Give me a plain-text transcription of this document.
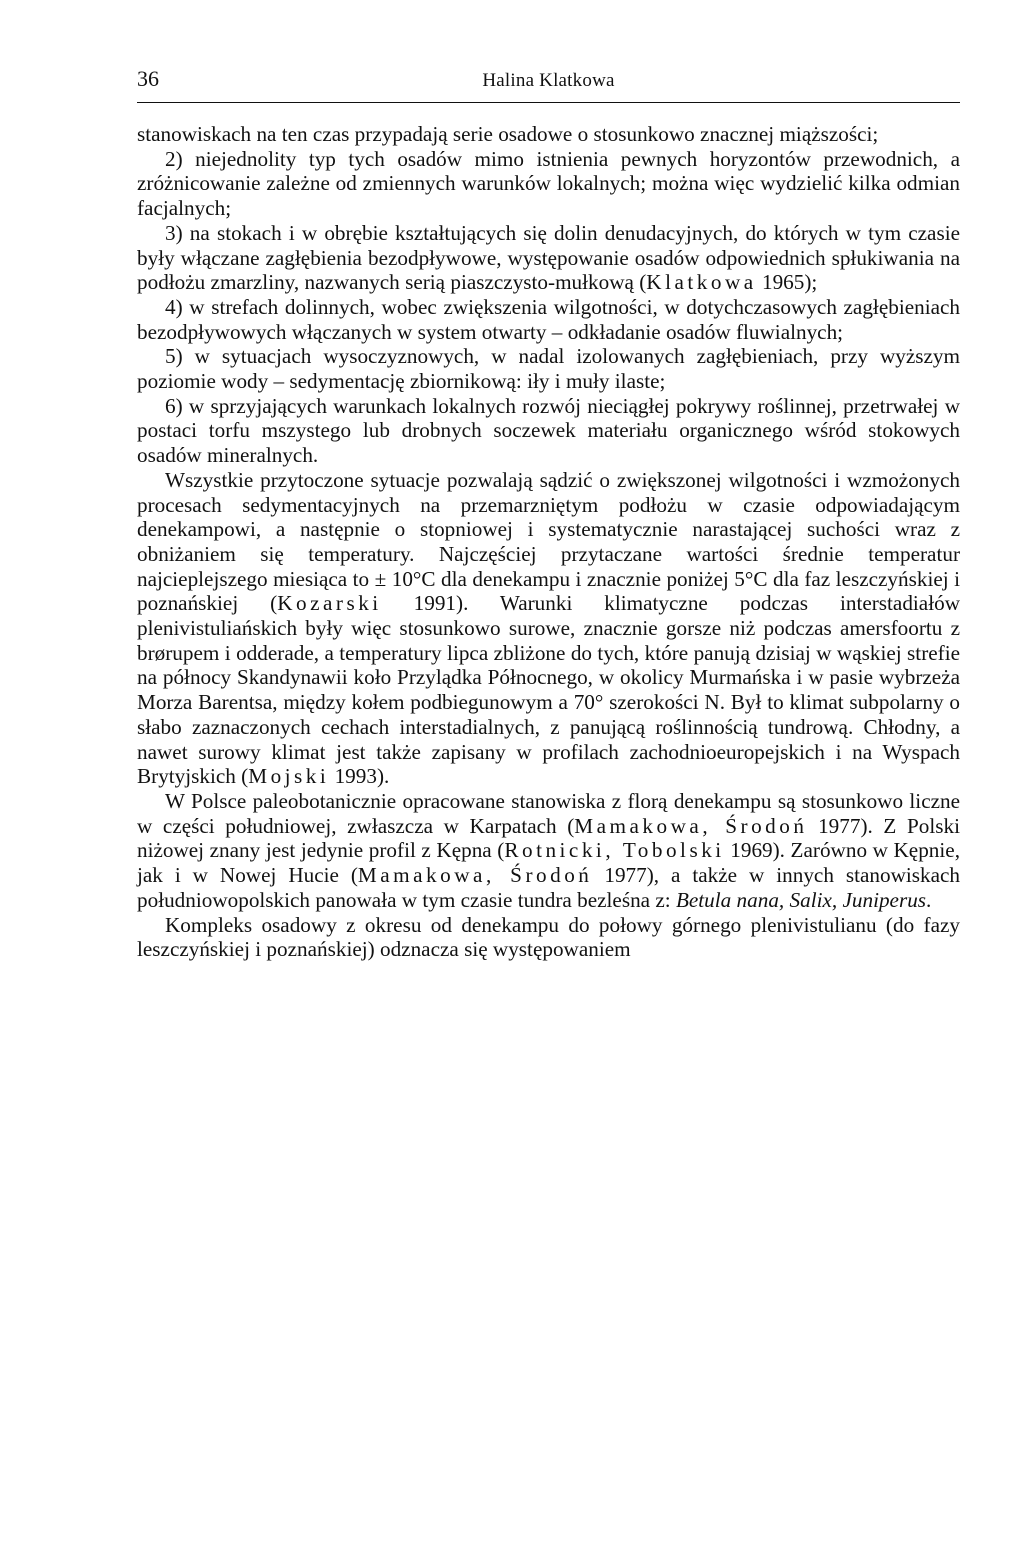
36	Halina Klatkowa

stanowiskach na ten czas przypadają serie osadowe o stosunkowo znacznej miąższości;

2) niejednolity typ tych osadów mimo istnienia pewnych horyzontów przewodnich, a zróżnicowanie zależne od zmiennych warunków lokalnych; można więc wydzielić kilka odmian facjalnych;

3) na stokach i w obrębie kształtujących się dolin denudacyjnych, do których w tym czasie były włączane zagłębienia bezodpływowe, występowanie osadów odpowiednich spłukiwania na podłożu zmarzliny, nazwanych serią piaszczysto-mułkową (Klatkowa 1965);

4) w strefach dolinnych, wobec zwiększenia wilgotności, w dotychczasowych zagłębieniach bezodpływowych włączanych w system otwarty – odkładanie osadów fluwialnych;

5) w sytuacjach wysoczyznowych, w nadal izolowanych zagłębieniach, przy wyższym poziomie wody – sedymentację zbiornikową: iły i muły ilaste;

6) w sprzyjających warunkach lokalnych rozwój nieciągłej pokrywy roślinnej, przetrwałej w postaci torfu mszystego lub drobnych soczewek materiału organicznego wśród stokowych osadów mineralnych.

Wszystkie przytoczone sytuacje pozwalają sądzić o zwiększonej wilgotności i wzmożonych procesach sedymentacyjnych na przemarzniętym podłożu w czasie odpowiadającym denekampowi, a następnie o stopniowej i systematycznie narastającej suchości wraz z obniżaniem się temperatury. Najczęściej przytaczane wartości średnie temperatur najcieplejszego miesiąca to ± 10°C dla denekampu i znacznie poniżej 5°C dla faz leszczyńskiej i poznańskiej (Kozarski 1991). Warunki klimatyczne podczas interstadiałów plenivistuliańskich były więc stosunkowo surowe, znacznie gorsze niż podczas amersfoortu z brørupem i odderade, a temperatury lipca zbliżone do tych, które panują dzisiaj w wąskiej strefie na północy Skandynawii koło Przylądka Północnego, w okolicy Murmańska i w pasie wybrzeża Morza Barentsa, między kołem podbiegunowym a 70° szerokości N. Był to klimat subpolarny o słabo zaznaczonych cechach interstadialnych, z panującą roślinnością tundrową. Chłodny, a nawet surowy klimat jest także zapisany w profilach zachodnioeuropejskich i na Wyspach Brytyjskich (Mojski 1993).

W Polsce paleobotanicznie opracowane stanowiska z florą denekampu są stosunkowo liczne w części południowej, zwłaszcza w Karpatach (Mamakowa, Środoń 1977). Z Polski niżowej znany jest jedynie profil z Kępna (Rotnicki, Tobolski 1969). Zarówno w Kępnie, jak i w Nowej Hucie (Mamakowa, Środoń 1977), a także w innych stanowiskach południowopolskich panowała w tym czasie tundra bezleśna z: Betula nana, Salix, Juniperus.

Kompleks osadowy z okresu od denekampu do połowy górnego plenivistulianu (do fazy leszczyńskiej i poznańskiej) odznacza się występowaniem
